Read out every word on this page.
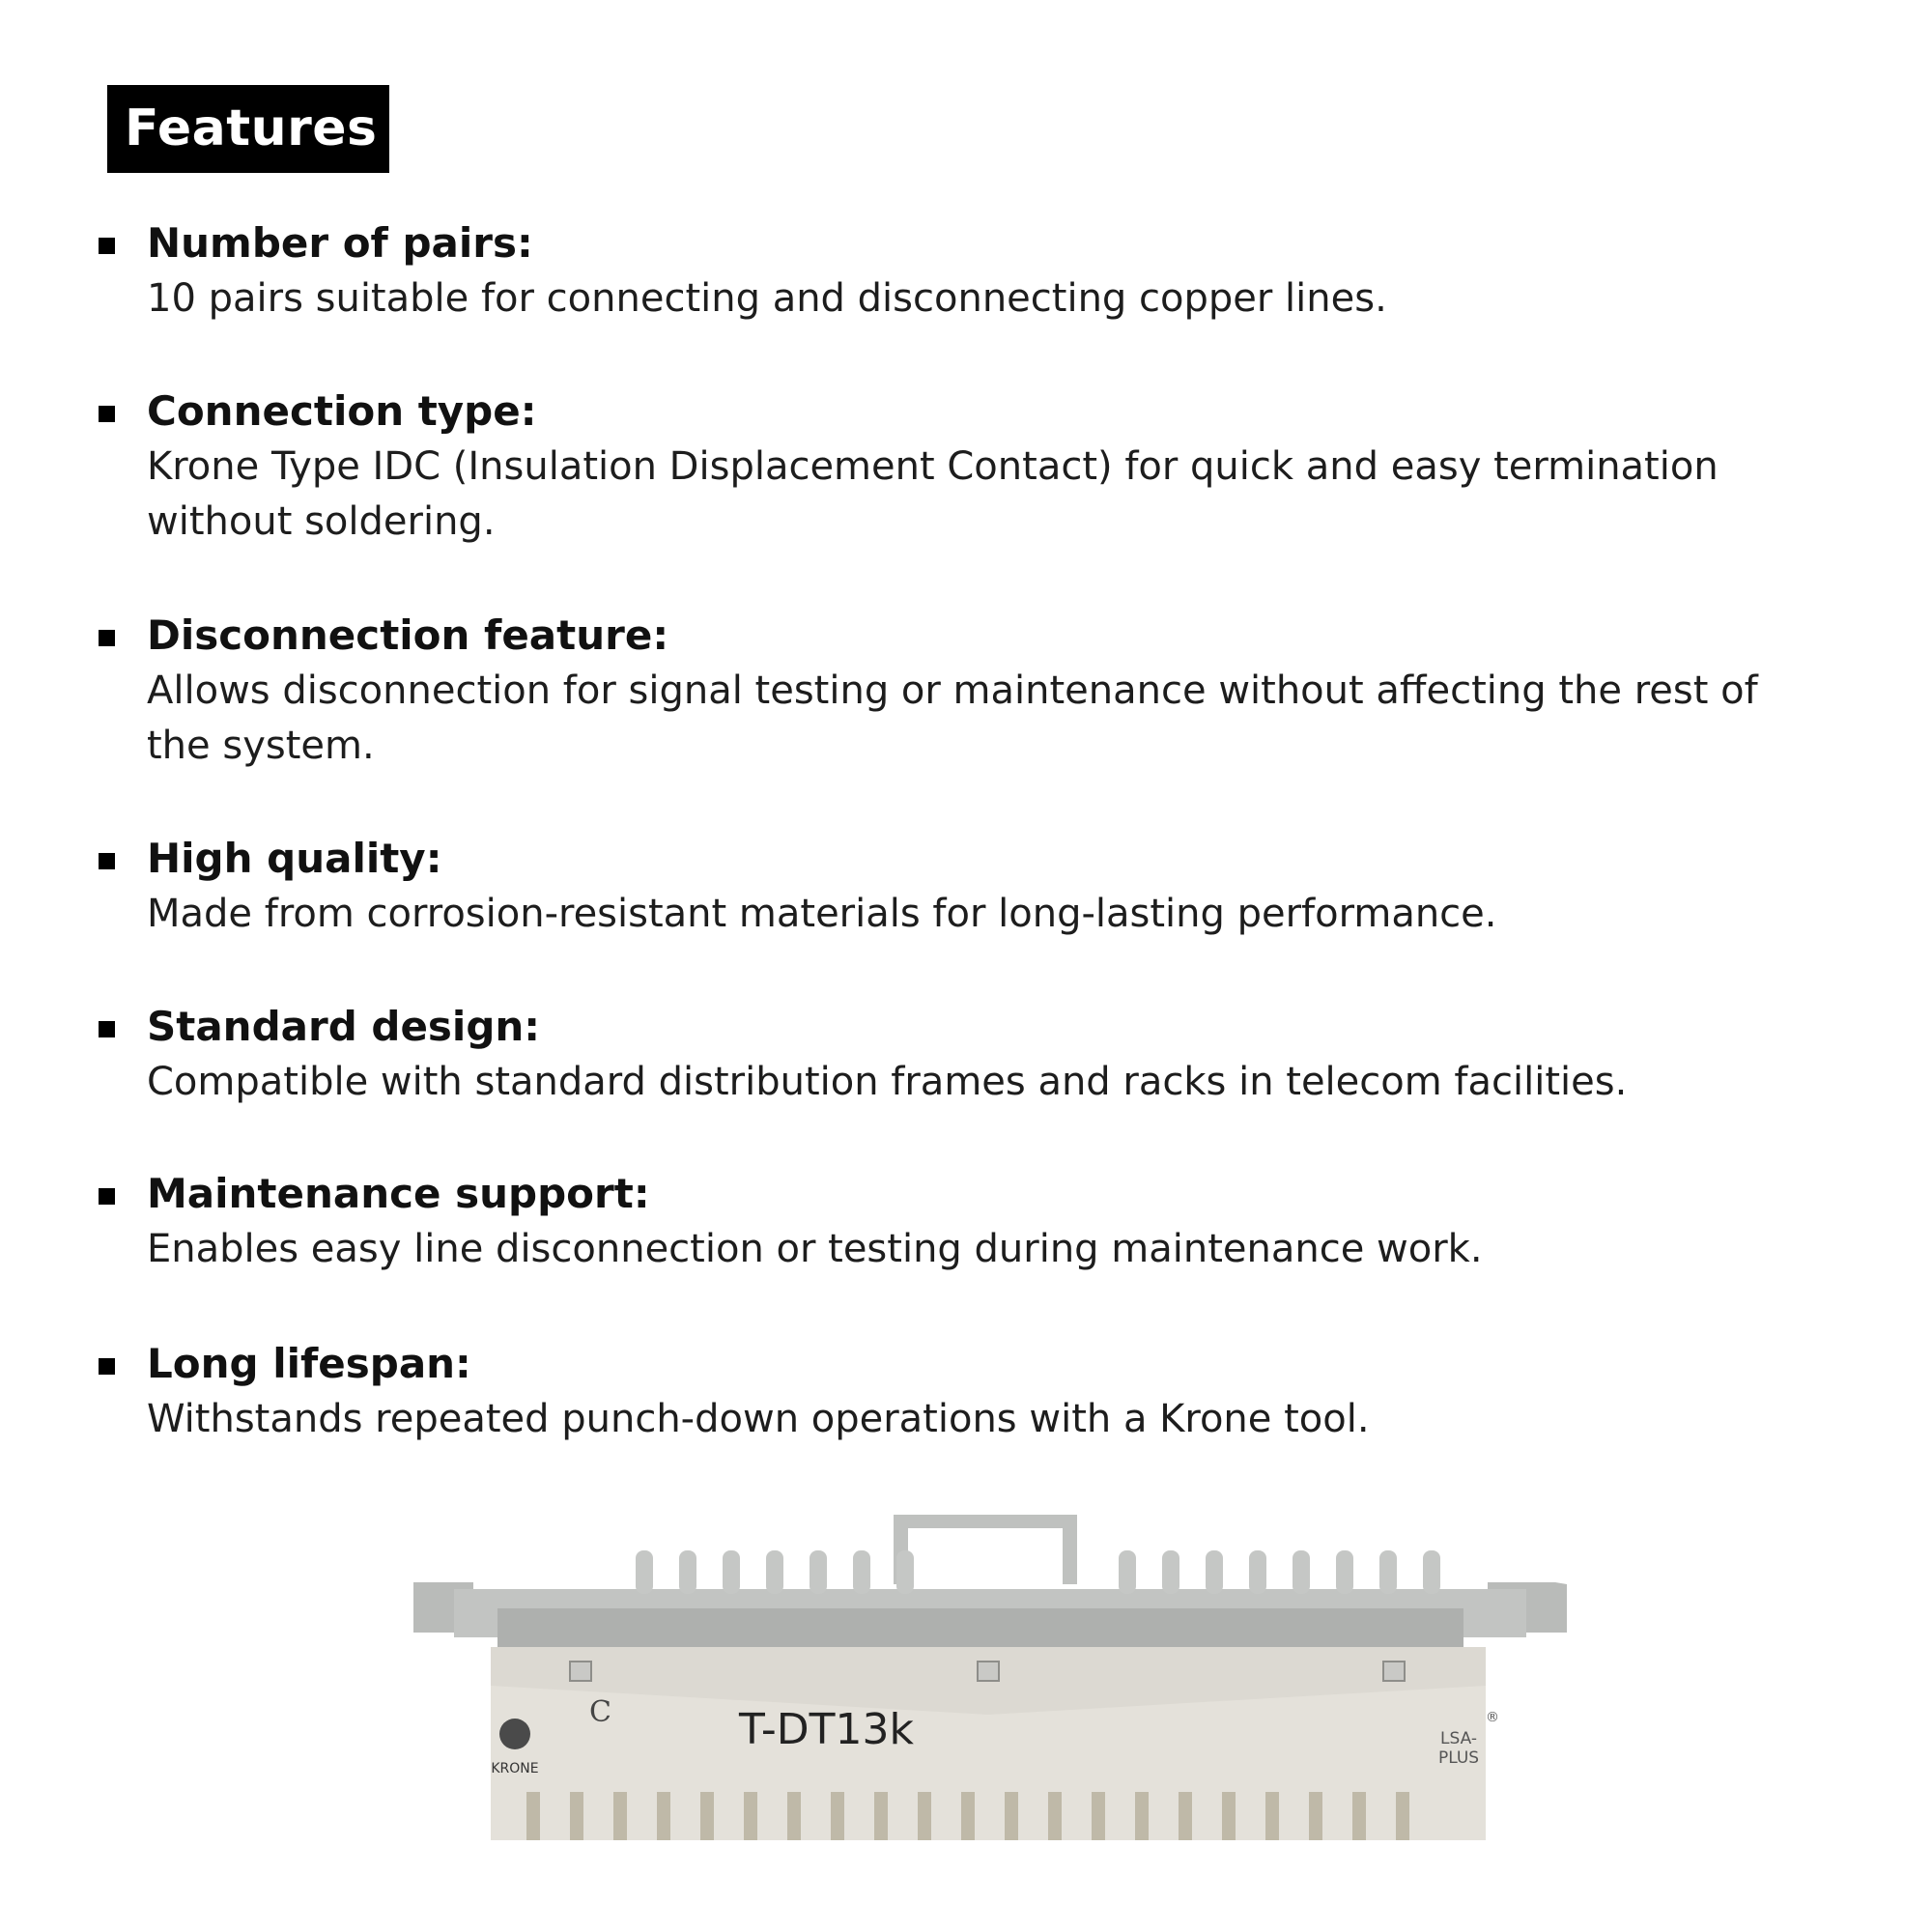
Features : Number of pairs:
10 pairs suitable for connecting and disconnecting copper lines.
Connection type:
Krone Type IDC (Insulation Displacement Contact) for quick and easy termination without soldering.
Disconnection feature:
Allows disconnection for signal testing or maintenance without affecting the rest of the system.
High quality:
Made from corrosion-resistant materials for long-lasting performance.
Standard design:
Compatible with standard distribution frames and racks in telecom facilities.
Maintenance support:
Enables easy line disconnection or testing during maintenance work.
Long lifespan:
Withstands repeated punch-down operations with a Krone tool.
KRONE
C	T-DT13k	LSA-
PLUS
®
